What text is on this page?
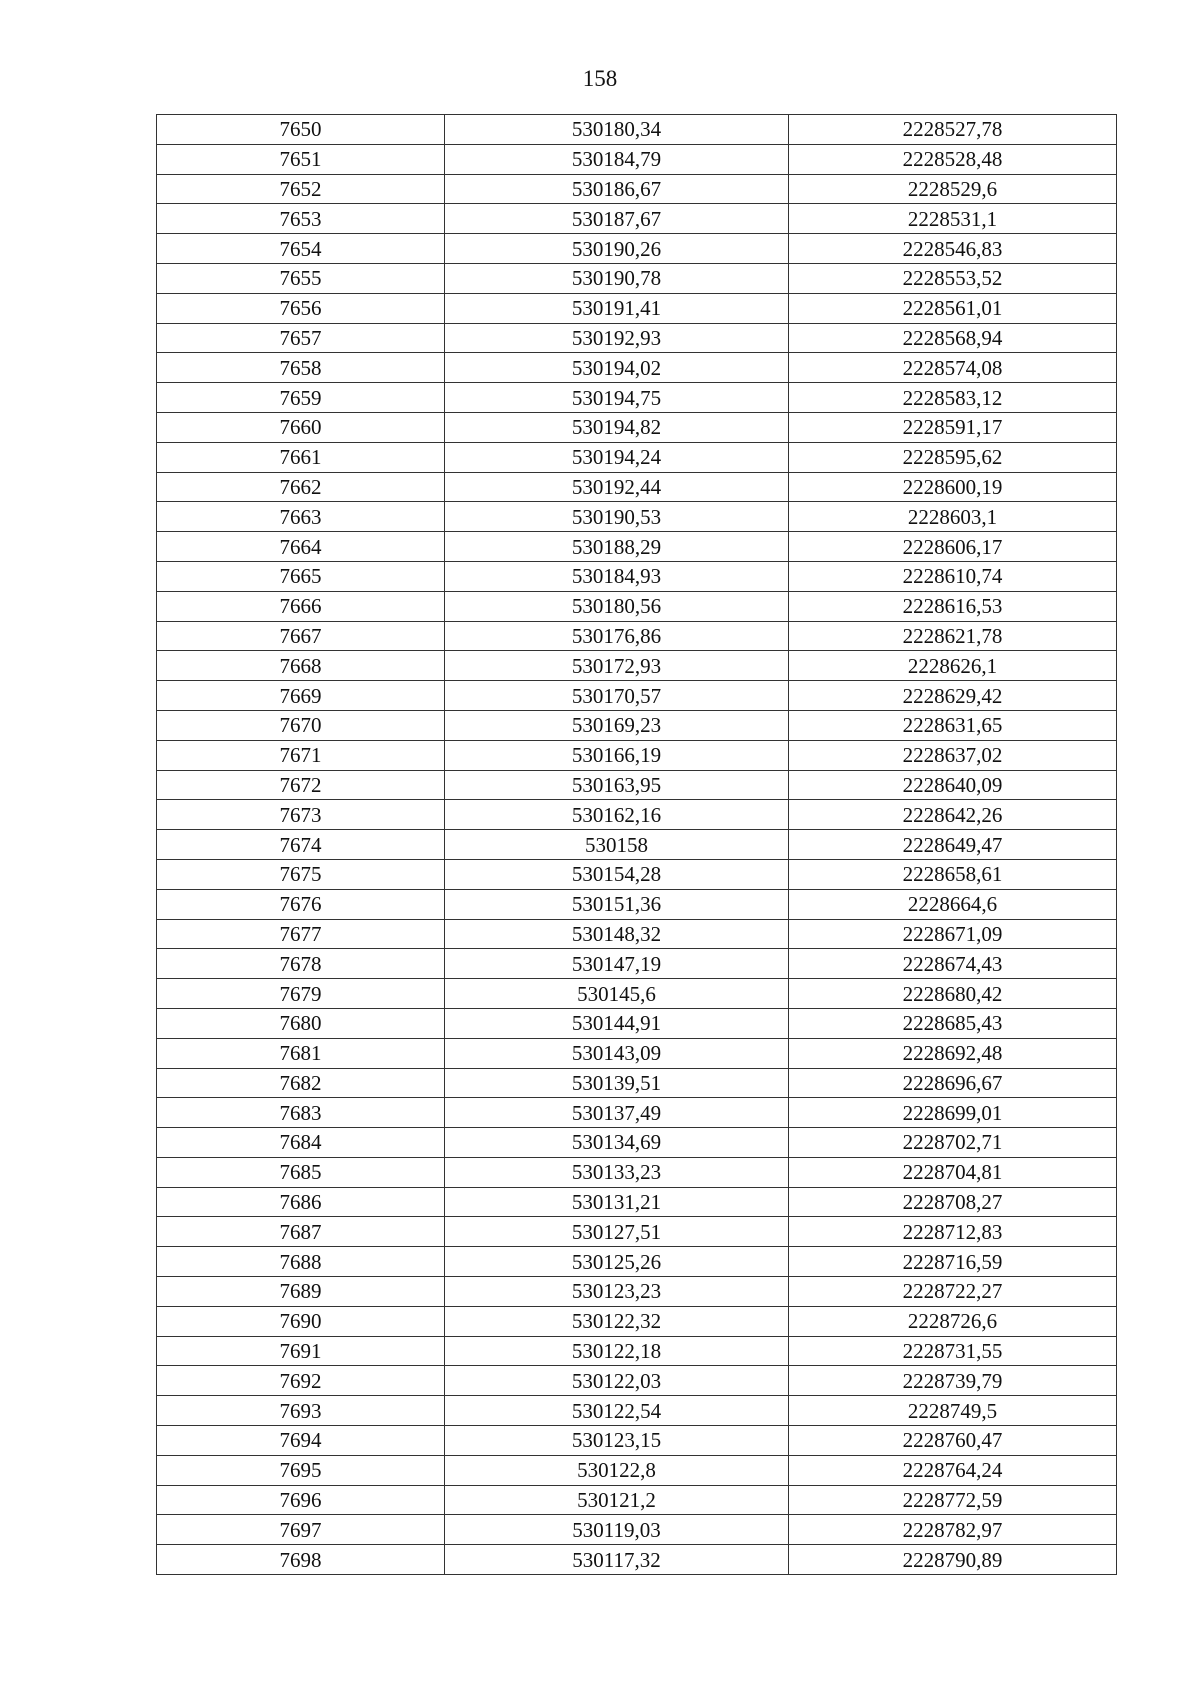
158
7650	530180,34	2228527,78
7651	530184,79	2228528,48
7652	530186,67	2228529,6
7653	530187,67	2228531,1
7654	530190,26	2228546,83
7655	530190,78	2228553,52
7656	530191,41	2228561,01
7657	530192,93	2228568,94
7658	530194,02	2228574,08
7659	530194,75	2228583,12
7660	530194,82	2228591,17
7661	530194,24	2228595,62
7662	530192,44	2228600,19
7663	530190,53	2228603,1
7664	530188,29	2228606,17
7665	530184,93	2228610,74
7666	530180,56	2228616,53
7667	530176,86	2228621,78
7668	530172,93	2228626,1
7669	530170,57	2228629,42
7670	530169,23	2228631,65
7671	530166,19	2228637,02
7672	530163,95	2228640,09
7673	530162,16	2228642,26
7674	530158	2228649,47
7675	530154,28	2228658,61
7676	530151,36	2228664,6
7677	530148,32	2228671,09
7678	530147,19	2228674,43
7679	530145,6	2228680,42
7680	530144,91	2228685,43
7681	530143,09	2228692,48
7682	530139,51	2228696,67
7683	530137,49	2228699,01
7684	530134,69	2228702,71
7685	530133,23	2228704,81
7686	530131,21	2228708,27
7687	530127,51	2228712,83
7688	530125,26	2228716,59
7689	530123,23	2228722,27
7690	530122,32	2228726,6
7691	530122,18	2228731,55
7692	530122,03	2228739,79
7693	530122,54	2228749,5
7694	530123,15	2228760,47
7695	530122,8	2228764,24
7696	530121,2	2228772,59
7697	530119,03	2228782,97
7698	530117,32	2228790,89
